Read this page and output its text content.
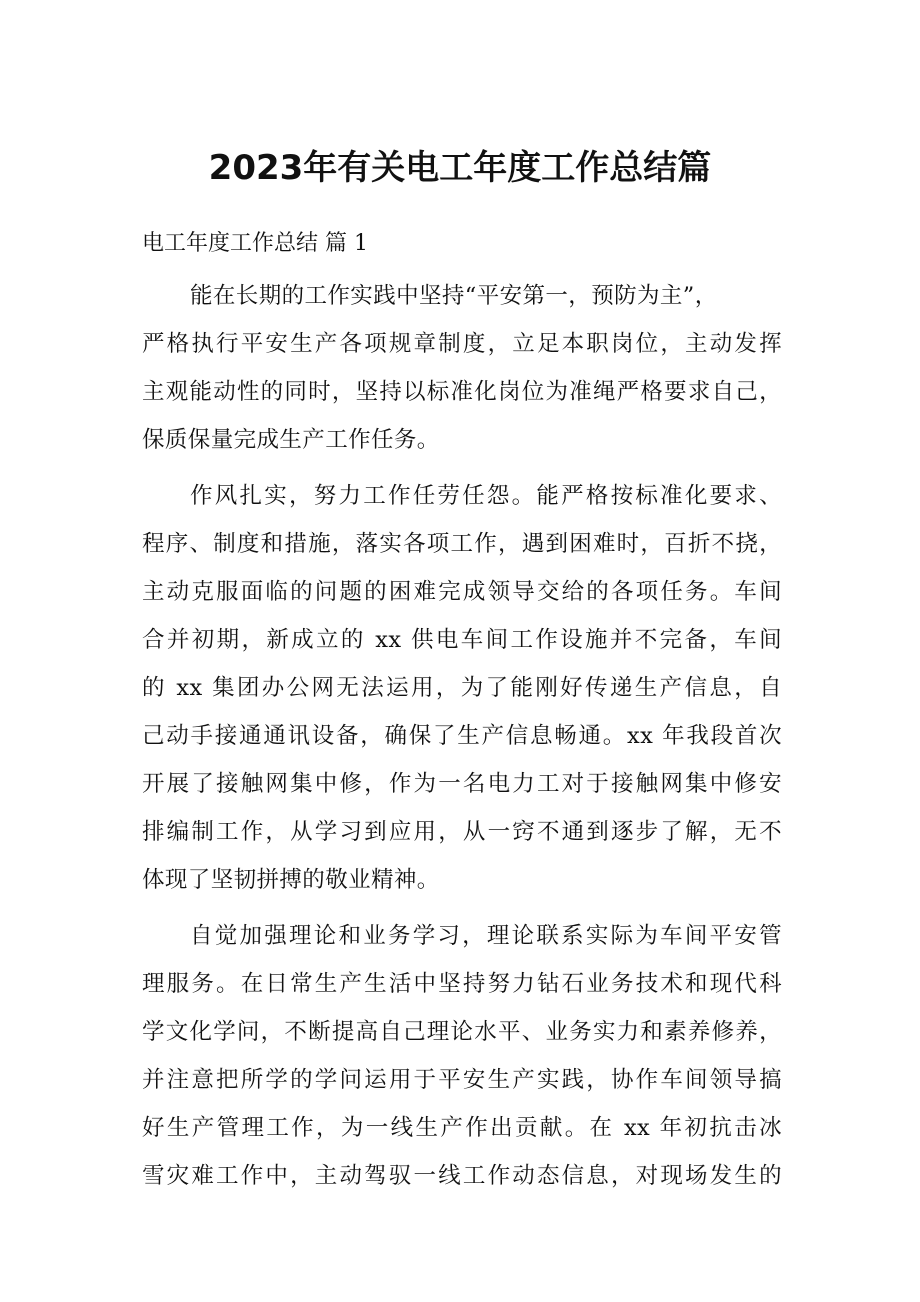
2023年有关电工年度工作总结篇
电工年度工作总结 篇 1
能在长期的工作实践中坚持“平安第一，预防为主”，
严格执行平安生产各项规章制度，立足本职岗位，主动发挥
主观能动性的同时，坚持以标准化岗位为准绳严格要求自己，
保质保量完成生产工作任务。
作风扎实，努力工作任劳任怨。能严格按标准化要求、
程序、制度和措施，落实各项工作，遇到困难时，百折不挠，
主动克服面临的问题的困难完成领导交给的各项任务。车间
合并初期，新成立的 xx 供电车间工作设施并不完备，车间
的 xx 集团办公网无法运用，为了能刚好传递生产信息，自
己动手接通通讯设备，确保了生产信息畅通。xx 年我段首次
开展了接触网集中修，作为一名电力工对于接触网集中修安
排编制工作，从学习到应用，从一窍不通到逐步了解，无不
体现了坚韧拼搏的敬业精神。
自觉加强理论和业务学习，理论联系实际为车间平安管
理服务。在日常生产生活中坚持努力钻石业务技术和现代科
学文化学问，不断提高自己理论水平、业务实力和素养修养，
并注意把所学的学问运用于平安生产实践，协作车间领导搞
好生产管理工作，为一线生产作出贡献。在 xx 年初抗击冰
雪灾难工作中，主动驾驭一线工作动态信息，对现场发生的
